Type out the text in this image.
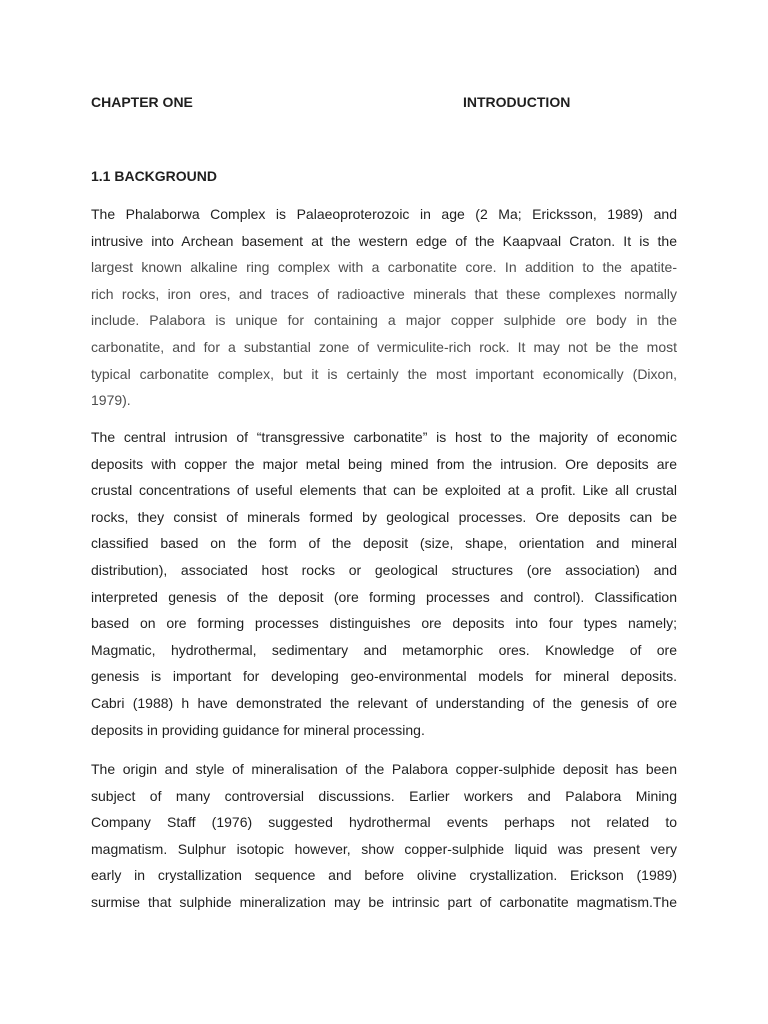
CHAPTER ONE	INTRODUCTION
1.1 BACKGROUND

The Phalaborwa Complex is Palaeoproterozoic in age (2 Ma; Ericksson, 1989) and
intrusive into Archean basement at the western edge of the Kaapvaal Craton. It is the
largest known alkaline ring complex with a carbonatite core. In addition to the apatite-
rich rocks, iron ores, and traces of radioactive minerals that these complexes normally
include. Palabora is unique for containing a major copper sulphide ore body in the
carbonatite, and for a substantial zone of vermiculite-rich rock. It may not be the most
typical carbonatite complex, but it is certainly the most important economically (Dixon,
1979).

The central intrusion of “transgressive carbonatite” is host to the majority of economic
deposits with copper the major metal being mined from the intrusion. Ore deposits are
crustal concentrations of useful elements that can be exploited at a profit. Like all crustal
rocks, they consist of minerals formed by geological processes. Ore deposits can be
classified based on the form of the deposit (size, shape, orientation and mineral
distribution), associated host rocks or geological structures (ore association) and
interpreted genesis of the deposit (ore forming processes and control). Classification
based on ore forming processes distinguishes ore deposits into four types namely;
Magmatic, hydrothermal, sedimentary and metamorphic ores. Knowledge of ore
genesis is important for developing geo-environmental models for mineral deposits.
Cabri (1988) h have demonstrated the relevant of understanding of the genesis of ore
deposits in providing guidance for mineral processing.

The origin and style of mineralisation of the Palabora copper-sulphide deposit has been
subject of many controversial discussions. Earlier workers and Palabora Mining
Company Staff (1976) suggested hydrothermal events perhaps not related to
magmatism. Sulphur isotopic however, show copper-sulphide liquid was present very
early in crystallization sequence and before olivine crystallization. Erickson (1989)
surmise that sulphide mineralization may be intrinsic part of carbonatite magmatism.The
